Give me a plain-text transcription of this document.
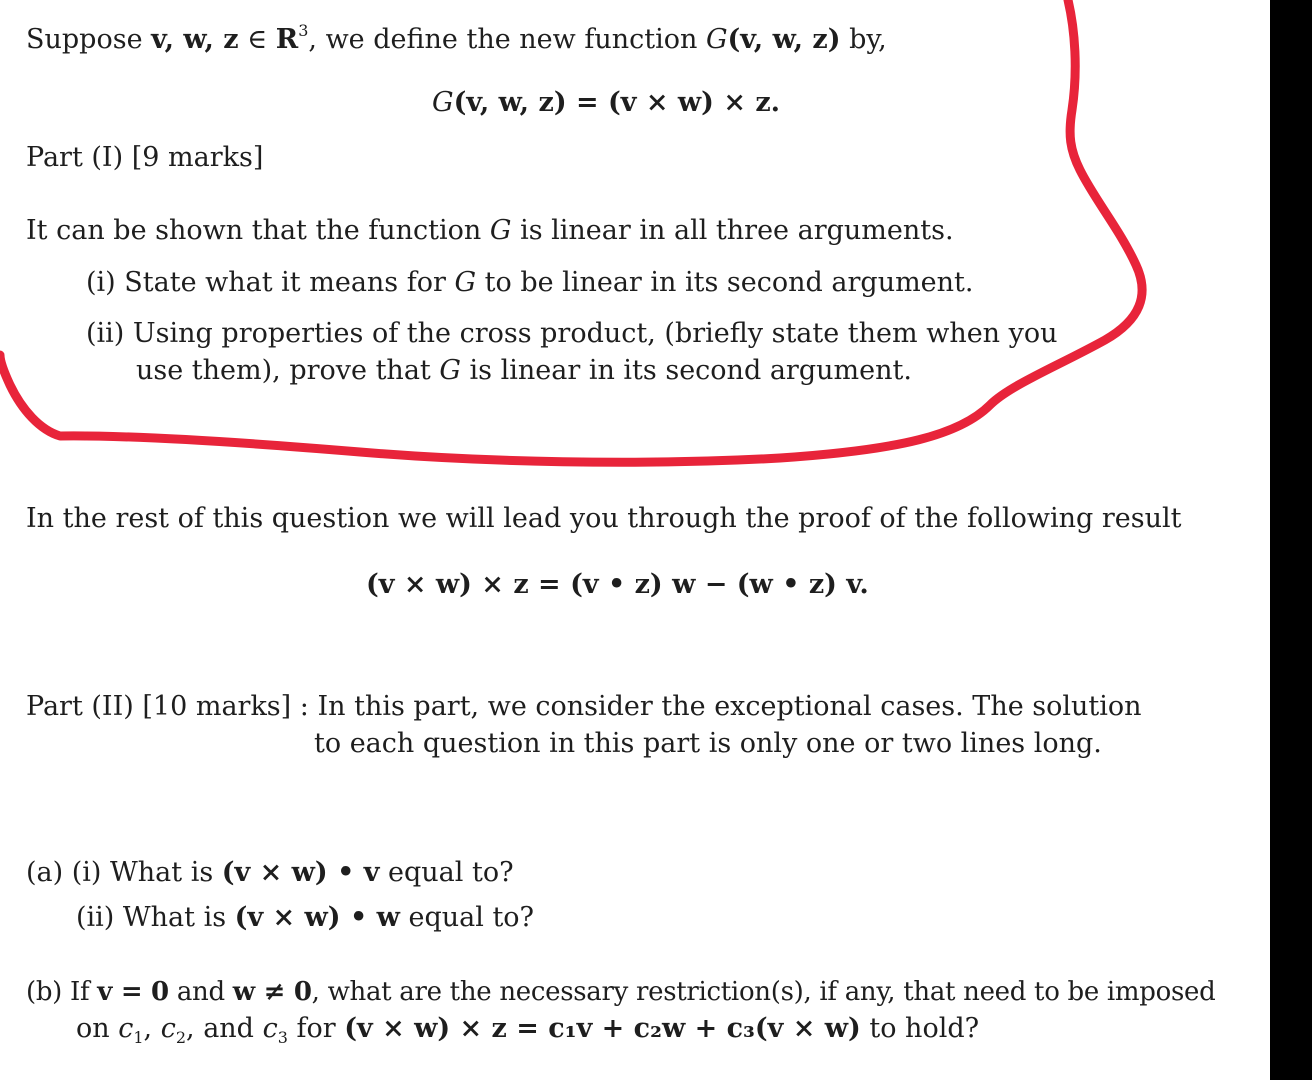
Suppose v, w, z ∈ $R^3$, we define the new function G(v, w, z) by,
G(v, w, z) = (v × w) × z.
Part (I) [9 marks]
It can be shown that the function G is linear in all three arguments.
(i) State what it means for G to be linear in its second argument.
(ii) Using properties of the cross product, (briefly state them when you
use them), prove that G is linear in its second argument.
In the rest of this question we will lead you through the proof of the following result
(v × w) × z = (v • z) w − (w • z) v.
Part (II) [10 marks] : In this part, we consider the exceptional cases. The solution
to each question in this part is only one or two lines long.
(a) (i) What is (v × w) • v equal to?
(ii) What is (v × w) • w equal to?
(b) If v = 0 and w ≠ 0, what are the necessary restriction(s), if any, that need to be imposed
on $c_1$, $c_2$, and $c_3$ for (v × w) × z = c₁v + c₂w + c₃(v × w) to hold?
